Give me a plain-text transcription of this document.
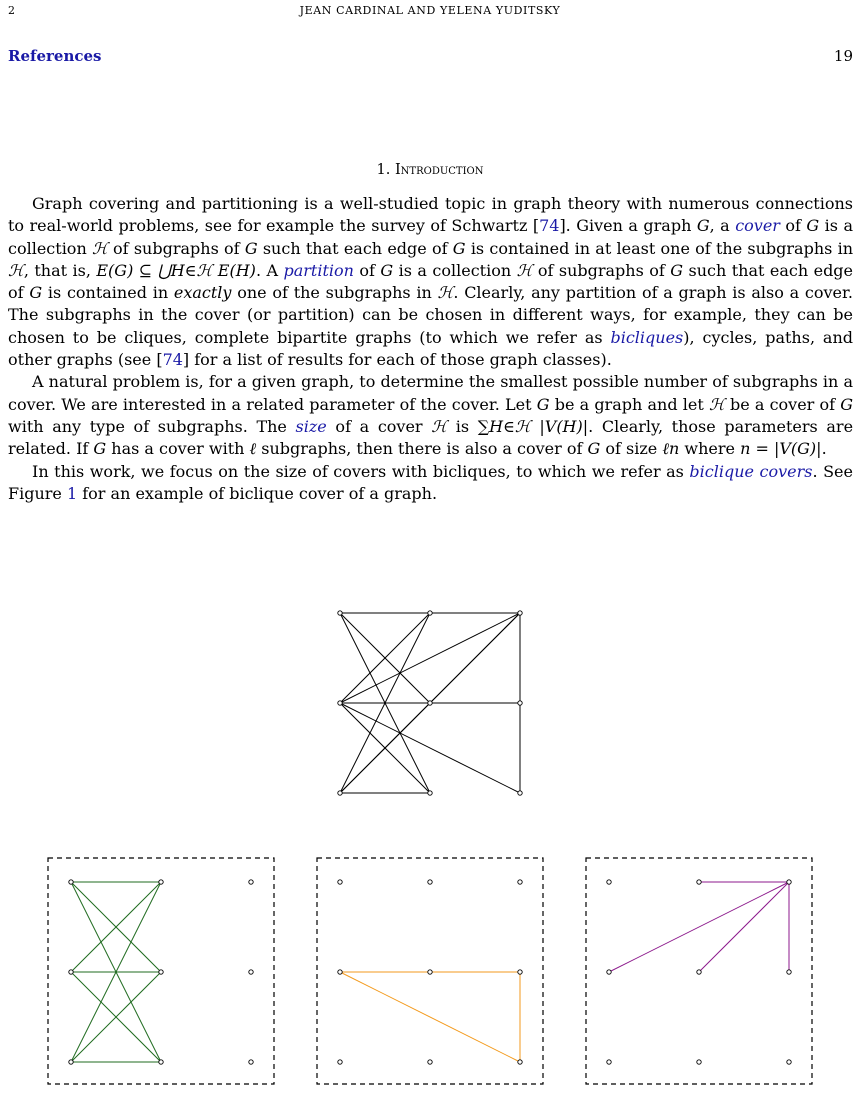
2	JEAN CARDINAL AND YELENA YUDITSKY
References	19
1. Introduction

Graph covering and partitioning is a well-studied topic in graph theory with numerous connections to real-world problems, see for example the survey of Schwartz [74]. Given a graph G, a cover of G is a collection ℋ of subgraphs of G such that each edge of G is contained in at least one of the subgraphs in ℋ, that is, E(G) ⊆ ⋃H∈ℋ E(H). A partition of G is a collection ℋ of subgraphs of G such that each edge of G is contained in exactly one of the subgraphs in ℋ. Clearly, any partition of a graph is also a cover. The subgraphs in the cover (or partition) can be chosen in different ways, for example, they can be chosen to be cliques, complete bipartite graphs (to which we refer as bicliques), cycles, paths, and other graphs (see [74] for a list of results for each of those graph classes).

A natural problem is, for a given graph, to determine the smallest possible number of subgraphs in a cover. We are interested in a related parameter of the cover. Let G be a graph and let ℋ be a cover of G with any type of subgraphs. The size of a cover ℋ is ∑H∈ℋ |V(H)|. Clearly, those parameters are related. If G has a cover with ℓ subgraphs, then there is also a cover of G of size ℓn where n = |V(G)|.

In this work, we focus on the size of covers with bicliques, to which we refer as biclique covers. See Figure 1 for an example of biclique cover of a graph.
